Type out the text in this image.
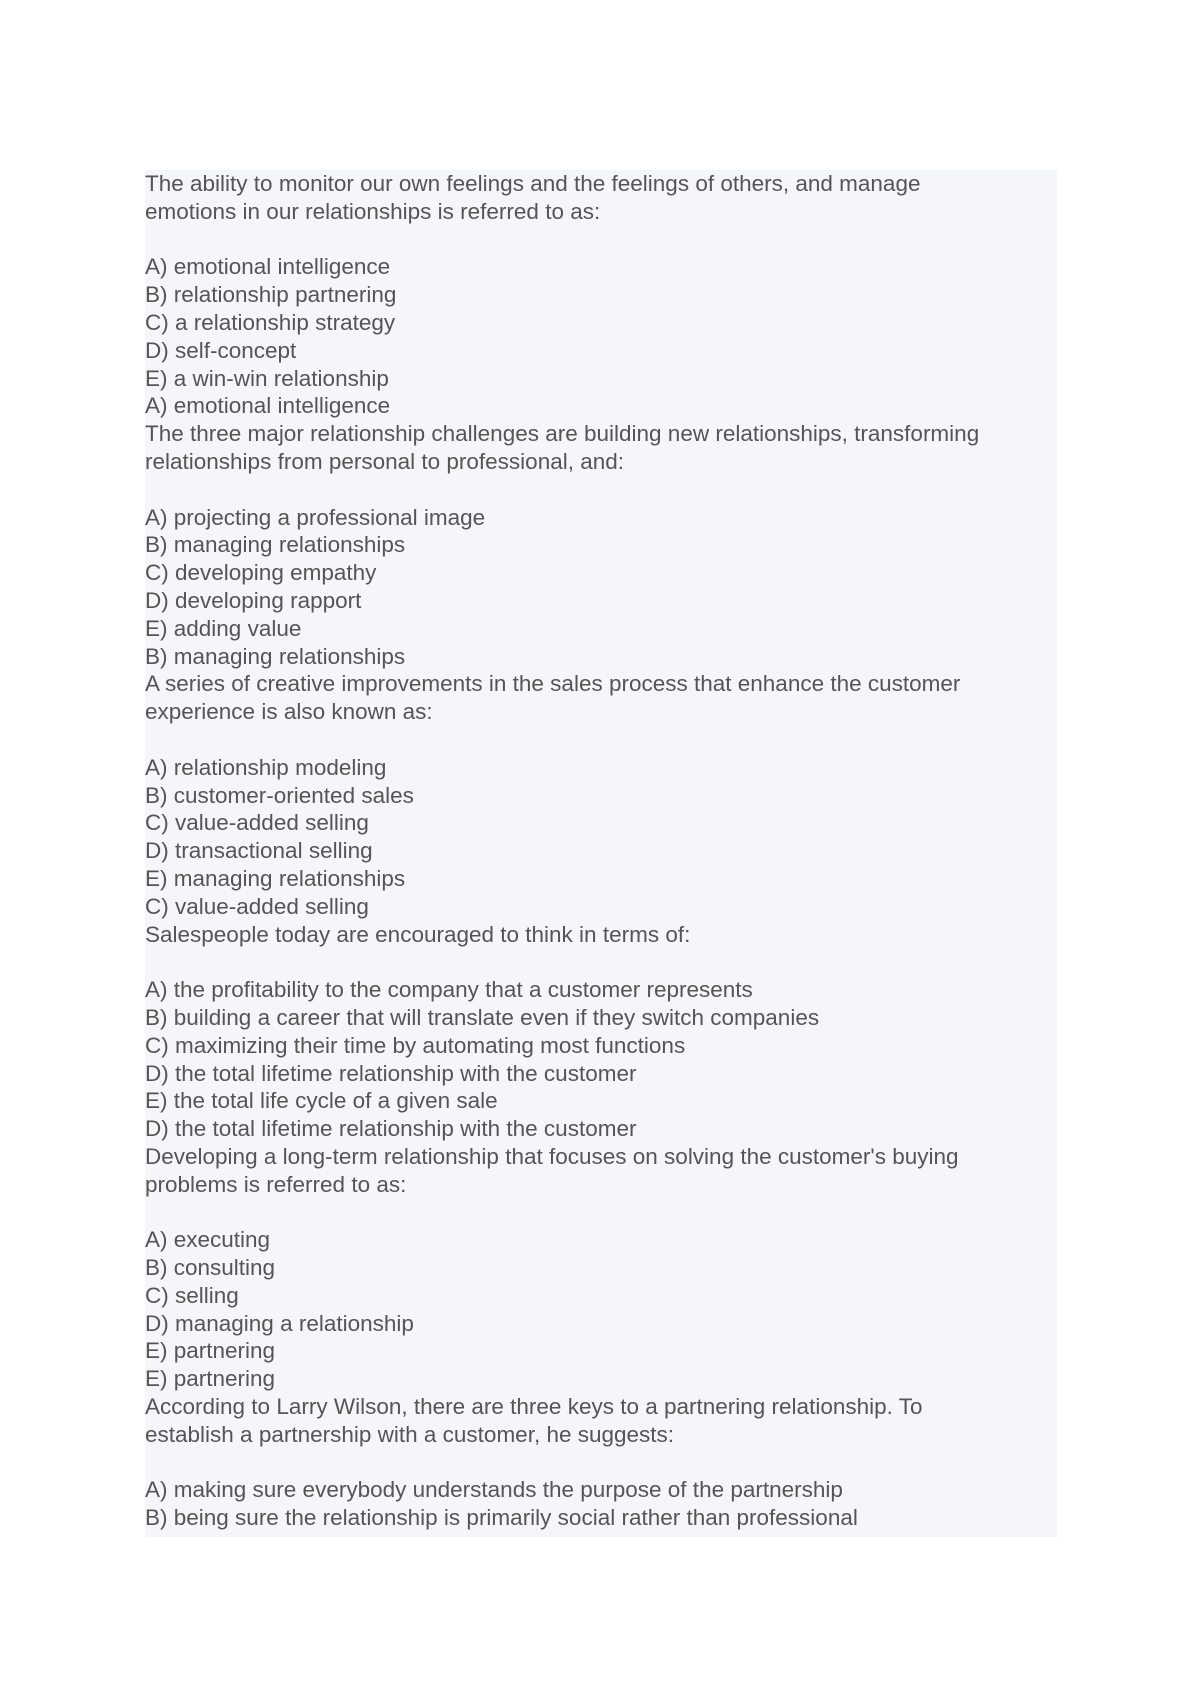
The ability to monitor our own feelings and the feelings of others, and manage
emotions in our relationships is referred to as:
A) emotional intelligence
B) relationship partnering
C) a relationship strategy
D) self-concept
E) a win-win relationship
A) emotional intelligence
The three major relationship challenges are building new relationships, transforming
relationships from personal to professional, and:
A) projecting a professional image
B) managing relationships
C) developing empathy
D) developing rapport
E) adding value
B) managing relationships
A series of creative improvements in the sales process that enhance the customer
experience is also known as:
A) relationship modeling
B) customer-oriented sales
C) value-added selling
D) transactional selling
E) managing relationships
C) value-added selling
Salespeople today are encouraged to think in terms of:
A) the profitability to the company that a customer represents
B) building a career that will translate even if they switch companies
C) maximizing their time by automating most functions
D) the total lifetime relationship with the customer
E) the total life cycle of a given sale
D) the total lifetime relationship with the customer
Developing a long-term relationship that focuses on solving the customer's buying
problems is referred to as:
A) executing
B) consulting
C) selling
D) managing a relationship
E) partnering
E) partnering
According to Larry Wilson, there are three keys to a partnering relationship. To
establish a partnership with a customer, he suggests:
A) making sure everybody understands the purpose of the partnership
B) being sure the relationship is primarily social rather than professional
